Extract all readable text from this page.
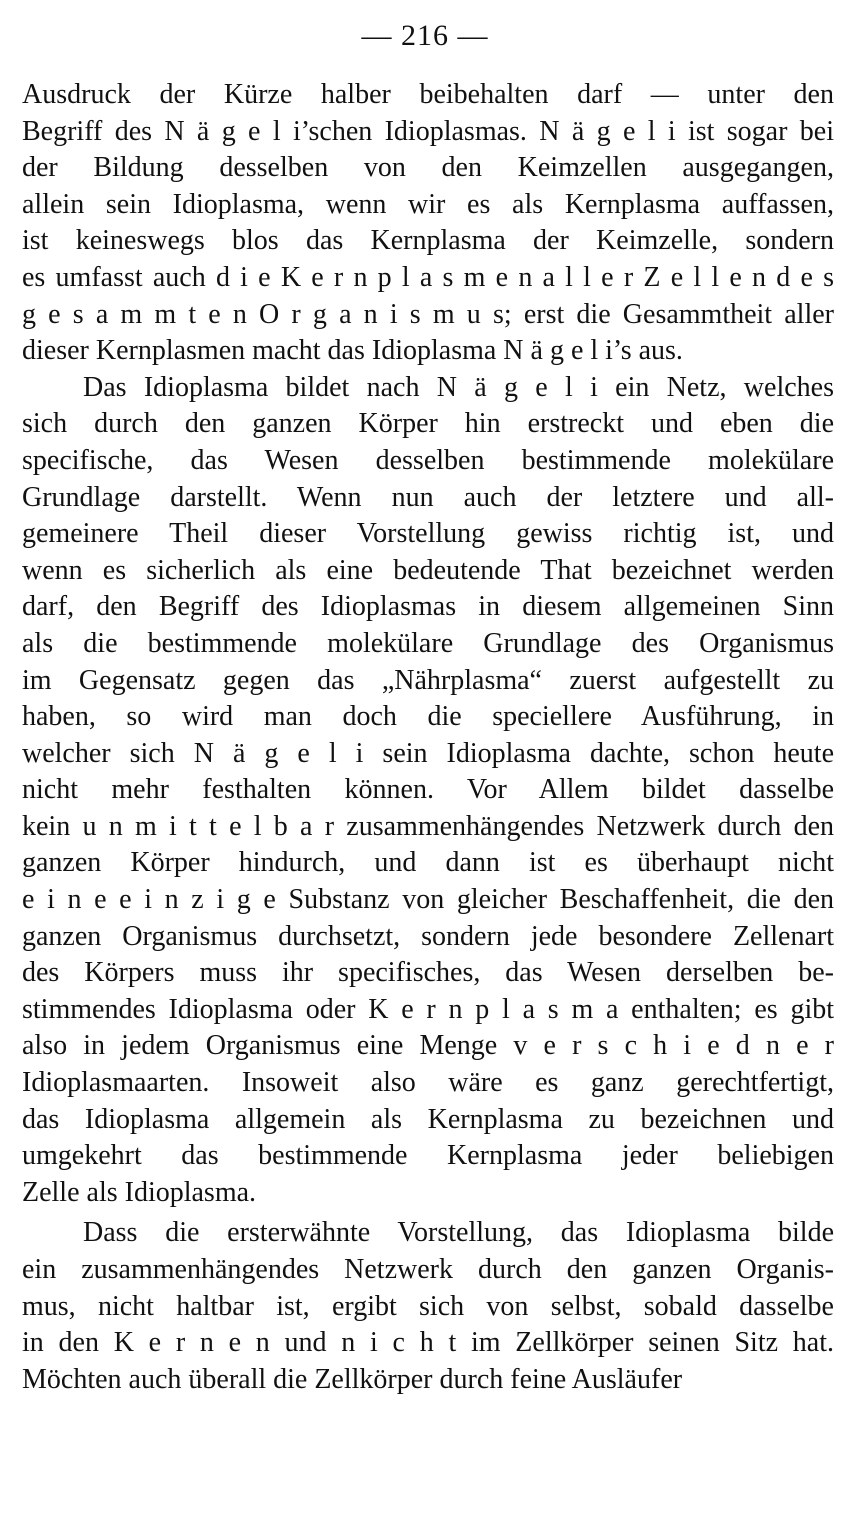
— 216 —
Ausdruck der Kürze halber beibehalten darf — unter den
Begriff des N ä g e l i’schen Idioplasmas. N ä g e l i ist sogar bei
der Bildung desselben von den Keimzellen ausgegangen,
allein sein Idioplasma, wenn wir es als Kernplasma auffassen,
ist keineswegs blos das Kernplasma der Keimzelle, sondern
es umfasst auch d i e K e r n p l a s m e n a l l e r Z e l l e n d e s
g e s a m m t e n O r g a n i s m u s; erst die Gesammtheit aller
dieser Kernplasmen macht das Idioplasma N ä g e l i’s aus.
Das Idioplasma bildet nach N ä g e l i ein Netz, welches
sich durch den ganzen Körper hin erstreckt und eben die
specifische, das Wesen desselben bestimmende molekülare
Grundlage darstellt. Wenn nun auch der letztere und all-
gemeinere Theil dieser Vorstellung gewiss richtig ist, und
wenn es sicherlich als eine bedeutende That bezeichnet werden
darf, den Begriff des Idioplasmas in diesem allgemeinen Sinn
als die bestimmende molekülare Grundlage des Organismus
im Gegensatz gegen das „Nährplasma“ zuerst aufgestellt zu
haben, so wird man doch die speciellere Ausführung, in
welcher sich N ä g e l i sein Idioplasma dachte, schon heute
nicht mehr festhalten können. Vor Allem bildet dasselbe
kein u n m i t t e l b a r zusammenhängendes Netzwerk durch den
ganzen Körper hindurch, und dann ist es überhaupt nicht
e i n e e i n z i g e Substanz von gleicher Beschaffenheit, die den
ganzen Organismus durchsetzt, sondern jede besondere Zellenart
des Körpers muss ihr specifisches, das Wesen derselben be-
stimmendes Idioplasma oder K e r n p l a s m a enthalten; es gibt
also in jedem Organismus eine Menge v e r s c h i e d n e r
Idioplasmaarten. Insoweit also wäre es ganz gerechtfertigt,
das Idioplasma allgemein als Kernplasma zu bezeichnen und
umgekehrt das bestimmende Kernplasma jeder beliebigen
Zelle als Idioplasma.
Dass die ersterwähnte Vorstellung, das Idioplasma bilde
ein zusammenhängendes Netzwerk durch den ganzen Organis-
mus, nicht haltbar ist, ergibt sich von selbst, sobald dasselbe
in den K e r n e n und n i c h t im Zellkörper seinen Sitz hat.
Möchten auch überall die Zellkörper durch feine Ausläufer
